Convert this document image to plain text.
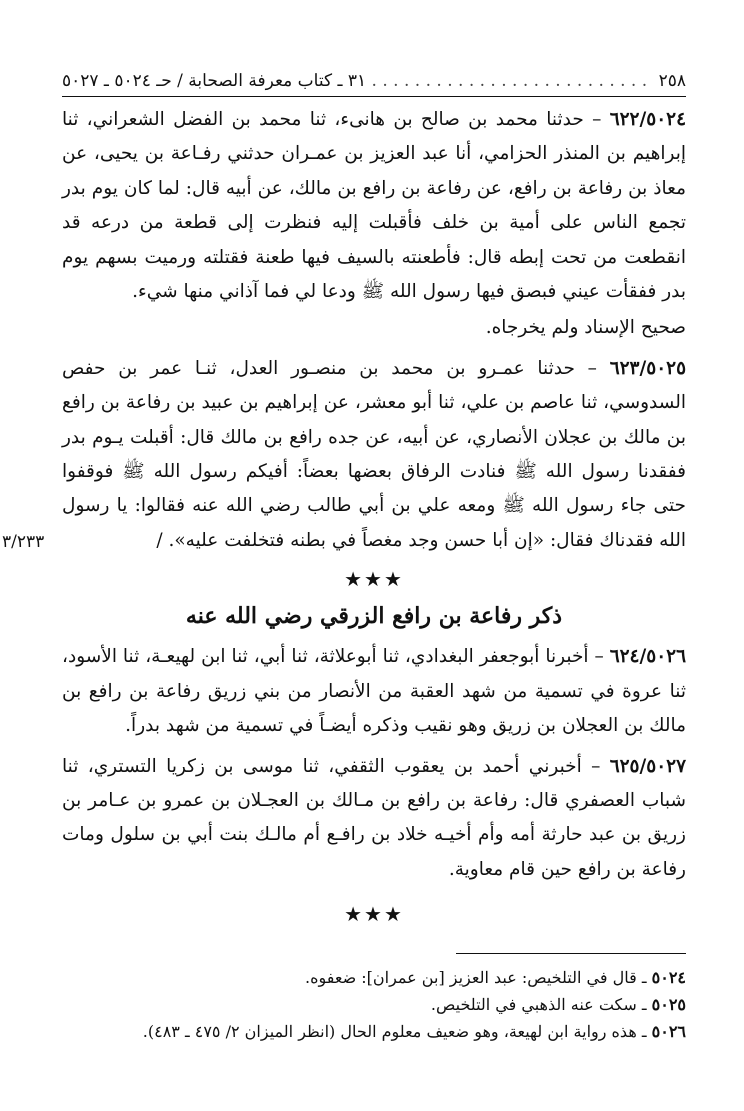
٢٥٨
. . . . . . . . . . . . . . . . . . . . . . . . . . ٣١ ـ كتاب معرفة الصحابة / حـ ٥٠٢٤ ـ ٥٠٢٧

٦٢٢/٥٠٢٤ – حدثنا محمد بن صالح بن هانىء، ثنا محمد بن الفضل الشعراني، ثنا إبراهيم بن المنذر الحزامي، أنا عبد العزيز بن عمـران حدثني رفـاعة بن يحيى، عن معاذ بن رفاعة بن رافع، عن رفاعة بن رافع بن مالك، عن أبيه قال: لما كان يوم بدر تجمع الناس على أمية بن خلف فأقبلت إليه فنظرت إلى قطعة من درعه قد انقطعت من تحت إبطه قال: فأطعنته بالسيف فيها طعنة فقتلته ورميت بسهم يوم بدر ففقأت عيني فبصق فيها رسول الله ﷺ ودعا لي فما آذاني منها شيء.

صحيح الإسناد ولم يخرجاه.

٦٢٣/٥٠٢٥ – حدثنا عمـرو بن محمد بن منصـور العدل، ثنـا عمر بن حفص السدوسي، ثنا عاصم بن علي، ثنا أبو معشر، عن إبراهيم بن عبيد بن رفاعة بن رافع بن مالك بن عجلان الأنصاري، عن أبيه، عن جده رافع بن مالك قال: أقبلت يـوم بدر ففقدنا رسول الله ﷺ فنادت الرفاق بعضها بعضاً: أفيكم رسول الله ﷺ فوقفوا حتى جاء رسول الله ﷺ ومعه علي بن أبي طالب رضي الله عنه فقالوا: يا رسول الله فقدناك فقال: «إن أبا حسن وجد مغصاً في بطنه فتخلفت عليه». /

٣/٢٣٣
★★★
ذكر رفاعة بن رافع الزرقي رضي الله عنه

٦٢٤/٥٠٢٦ – أخبرنا أبوجعفر البغدادي، ثنا أبوعلاثة، ثنا أبي، ثنا ابن لهيعـة، ثنا الأسود، ثنا عروة في تسمية من شهد العقبة من الأنصار من بني زريق رفاعة بن رافع بن مالك بن العجلان بن زريق وهو نقيب وذكره أيضـاً في تسمية من شهد بدراً.

٦٢٥/٥٠٢٧ – أخبرني أحمد بن يعقوب الثقفي، ثنا موسى بن زكريا التستري، ثنا شباب العصفري قال: رفاعة بن رافع بن مـالك بن العجـلان بن عمرو بن عـامر بن زريق بن عبد حارثة أمه وأم أخيـه خلاد بن رافـع أم مالـك بنت أبي بن سلول ومات رفاعة بن رافع حين قام معاوية.

★★★

٥٠٢٤ ـ قال في التلخيص: عبد العزيز [بن عمران]: ضعفوه.

٥٠٢٥ ـ سكت عنه الذهبي في التلخيص.

٥٠٢٦ ـ هذه رواية ابن لهيعة، وهو ضعيف معلوم الحال (انظر الميزان ٢/ ٤٧٥ ـ ٤٨٣).
